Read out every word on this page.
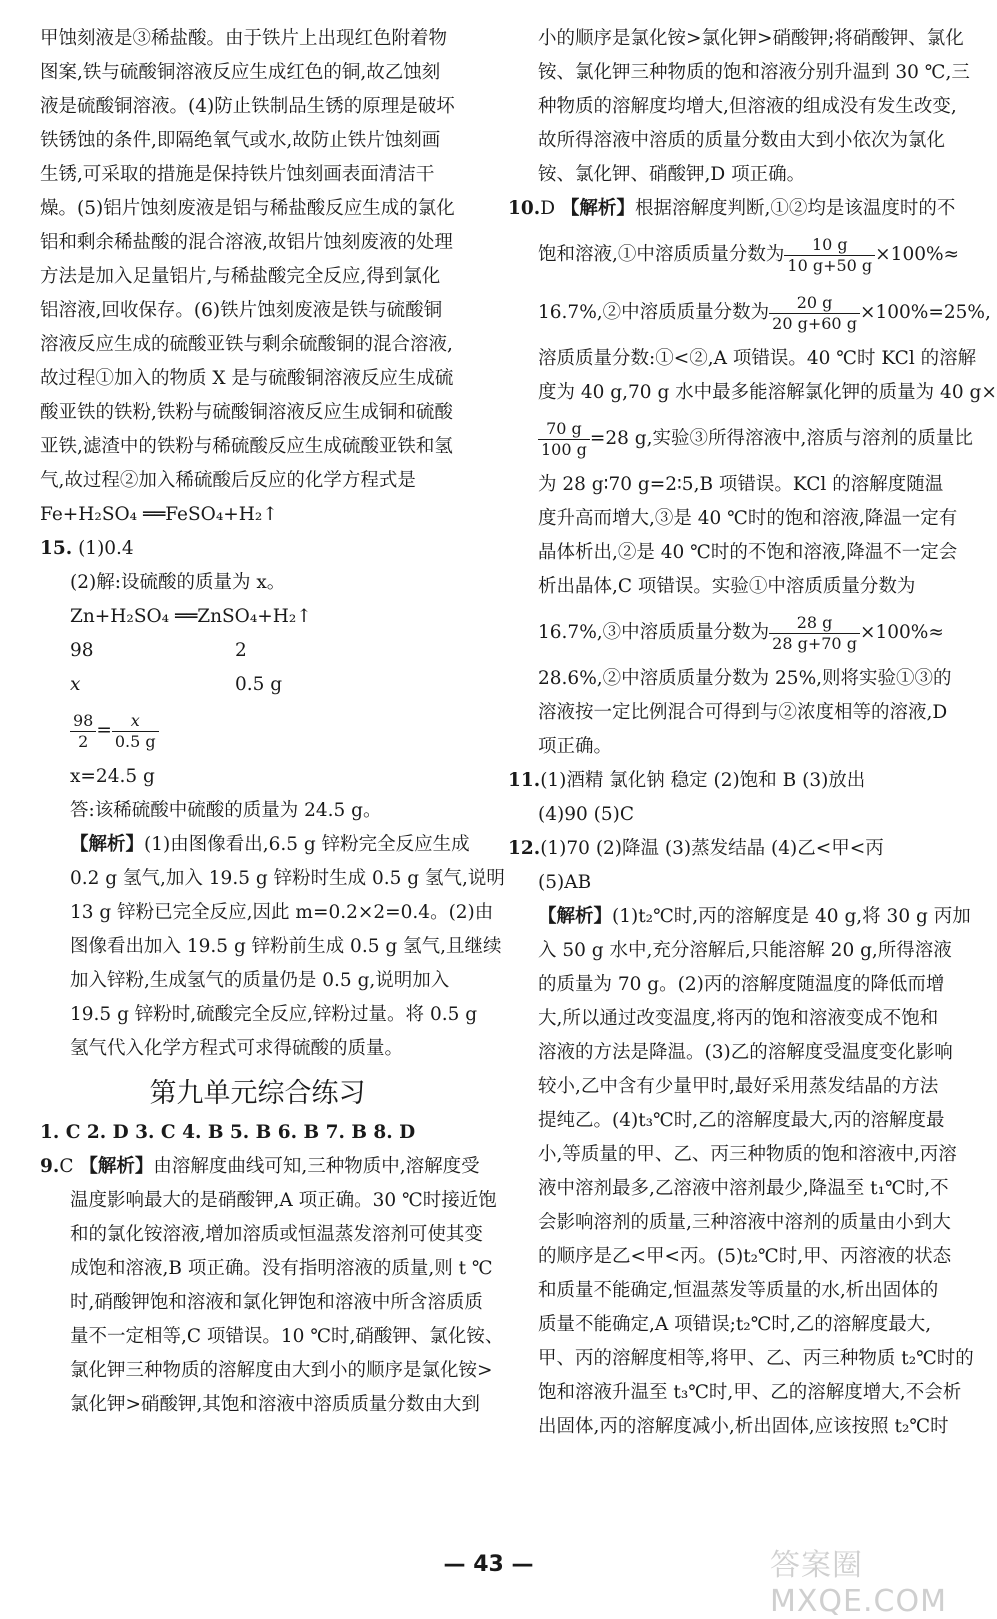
甲蚀刻液是③稀盐酸。由于铁片上出现红色附着物
图案,铁与硫酸铜溶液反应生成红色的铜,故乙蚀刻
液是硫酸铜溶液。(4)防止铁制品生锈的原理是破坏
铁锈蚀的条件,即隔绝氧气或水,故防止铁片蚀刻画
生锈,可采取的措施是保持铁片蚀刻画表面清洁干
燥。(5)铝片蚀刻废液是铝与稀盐酸反应生成的氯化
铝和剩余稀盐酸的混合溶液,故铝片蚀刻废液的处理
方法是加入足量铝片,与稀盐酸完全反应,得到氯化
铝溶液,回收保存。(6)铁片蚀刻废液是铁与硫酸铜
溶液反应生成的硫酸亚铁与剩余硫酸铜的混合溶液,
故过程①加入的物质 X 是与硫酸铜溶液反应生成硫
酸亚铁的铁粉,铁粉与硫酸铜溶液反应生成铜和硫酸
亚铁,滤渣中的铁粉与稀硫酸反应生成硫酸亚铁和氢
气,故过程②加入稀硫酸后反应的化学方程式是
Fe+H₂SO₄ ══FeSO₄+H₂↑
15. (1)0.4
(2)解:设硫酸的质量为 x。
Zn+H₂SO₄ ══ZnSO₄+H₂↑
98	2
x	0.5 g
$\frac{98}{2} = \frac{x}{0.5 g}$
x=24.5 g
答:该稀硫酸中硫酸的质量为 24.5 g。
【解析】(1)由图像看出,6.5 g 锌粉完全反应生成
0.2 g 氢气,加入 19.5 g 锌粉时生成 0.5 g 氢气,说明
13 g 锌粉已完全反应,因此 m=0.2×2=0.4。(2)由
图像看出加入 19.5 g 锌粉前生成 0.5 g 氢气,且继续
加入锌粉,生成氢气的质量仍是 0.5 g,说明加入
19.5 g 锌粉时,硫酸完全反应,锌粉过量。将 0.5 g
氢气代入化学方程式可求得硫酸的质量。
第九单元综合练习
1. C 2. D 3. C 4. B 5. B 6. B 7. B 8. D
9.C 【解析】由溶解度曲线可知,三种物质中,溶解度受
温度影响最大的是硝酸钾,A 项正确。30 ℃时接近饱
和的氯化铵溶液,增加溶质或恒温蒸发溶剂可使其变
成饱和溶液,B 项正确。没有指明溶液的质量,则 t ℃
时,硝酸钾饱和溶液和氯化钾饱和溶液中所含溶质质
量不一定相等,C 项错误。10 ℃时,硝酸钾、氯化铵、
氯化钾三种物质的溶解度由大到小的顺序是氯化铵>
氯化钾>硝酸钾,其饱和溶液中溶质质量分数由大到
小的顺序是氯化铵>氯化钾>硝酸钾;将硝酸钾、氯化
铵、氯化钾三种物质的饱和溶液分别升温到 30 ℃,三
种物质的溶解度均增大,但溶液的组成没有发生改变,
故所得溶液中溶质的质量分数由大到小依次为氯化
铵、氯化钾、硝酸钾,D 项正确。
10.D 【解析】根据溶解度判断,①②均是该温度时的不
饱和溶液,①中溶质质量分数为 $\frac{10 g}{10 g+50 g} \times 100\%\approx$
16.7%,②中溶质质量分数为 $\frac{20 g}{20 g+60 g} \times 100\%=25\%$,
溶质质量分数:①<②,A 项错误。40 ℃时 KCl 的溶解
度为 40 g,70 g 水中最多能溶解氯化钾的质量为 40 g×
$\frac{70 g}{100 g} =28$ g,实验③所得溶液中,溶质与溶剂的质量比
为 28 g∶70 g=2∶5,B 项错误。KCl 的溶解度随温
度升高而增大,③是 40 ℃时的饱和溶液,降温一定有
晶体析出,②是 40 ℃时的不饱和溶液,降温不一定会
析出晶体,C 项错误。实验①中溶质质量分数为
16.7%,③中溶质质量分数为 $\frac{28 g}{28 g+70 g} \times 100\%\approx$
28.6%,②中溶质质量分数为 25%,则将实验①③的
溶液按一定比例混合可得到与②浓度相等的溶液,D
项正确。
11.(1)酒精 氯化钠 稳定 (2)饱和 B (3)放出
(4)90 (5)C
12.(1)70 (2)降温 (3)蒸发结晶 (4)乙<甲<丙
(5)AB
【解析】(1)t₂℃时,丙的溶解度是 40 g,将 30 g 丙加
入 50 g 水中,充分溶解后,只能溶解 20 g,所得溶液
的质量为 70 g。(2)丙的溶解度随温度的降低而增
大,所以通过改变温度,将丙的饱和溶液变成不饱和
溶液的方法是降温。(3)乙的溶解度受温度变化影响
较小,乙中含有少量甲时,最好采用蒸发结晶的方法
提纯乙。(4)t₃℃时,乙的溶解度最大,丙的溶解度最
小,等质量的甲、乙、丙三种物质的饱和溶液中,丙溶
液中溶剂最多,乙溶液中溶剂最少,降温至 t₁℃时,不
会影响溶剂的质量,三种溶液中溶剂的质量由小到大
的顺序是乙<甲<丙。(5)t₂℃时,甲、丙溶液的状态
和质量不能确定,恒温蒸发等质量的水,析出固体的
质量不能确定,A 项错误;t₂℃时,乙的溶解度最大,
甲、丙的溶解度相等,将甲、乙、丙三种物质 t₂℃时的
饱和溶液升温至 t₃℃时,甲、乙的溶解度增大,不会析
出固体,丙的溶解度减小,析出固体,应该按照 t₂℃时
— 43 —	答案圈 MXQE.COM
